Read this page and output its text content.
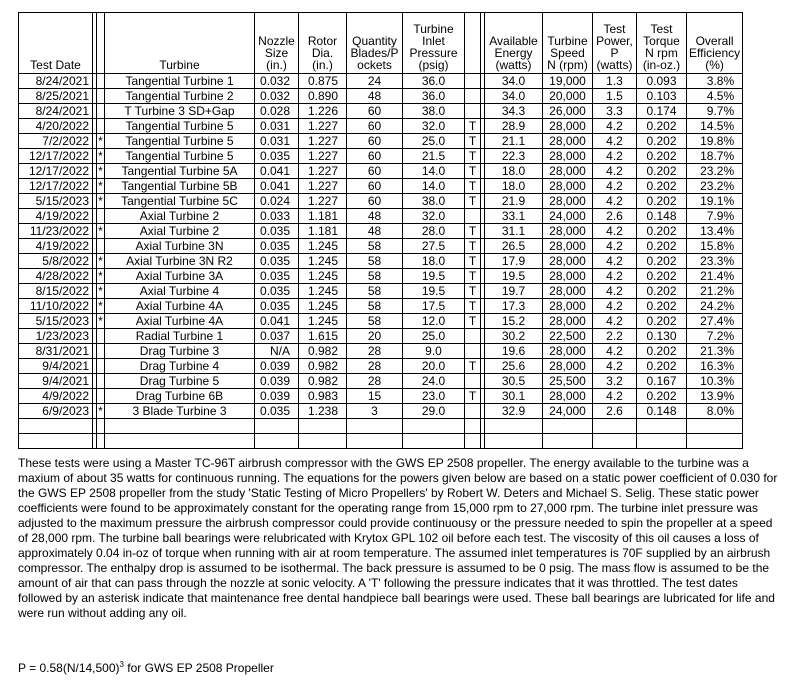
Test Date			Turbine	Nozzle Size (in.)	Rotor Dia. (in.)	Quantity Blades/P ockets	Turbine Inlet Pressure (psig)			Available Energy (watts)	Turbine Speed N (rpm)	Test Power, P (watts)	Test Torque N rpm (in-oz.)	Overall Efficiency (%)
8/24/2021			Tangential Turbine 1	0.032	0.875	24	36.0			34.0	19,000	1.3	0.093	3.8%
8/25/2021			Tangential Turbine 2	0.032	0.890	48	36.0			34.0	20,000	1.5	0.103	4.5%
8/24/2021			T Turbine 3 SD+Gap	0.028	1.226	60	38.0			34.3	26,000	3.3	0.174	9.7%
4/20/2022			Tangential Turbine 5	0.031	1.227	60	32.0	T		28.9	28,000	4.2	0.202	14.5%
7/2/2022		*	Tangential Turbine 5	0.031	1.227	60	25.0	T		21.1	28,000	4.2	0.202	19.8%
12/17/2022		*	Tangential Turbine 5	0.035	1.227	60	21.5	T		22.3	28,000	4.2	0.202	18.7%
12/17/2022		*	Tangential Turbine 5A	0.041	1.227	60	14.0	T		18.0	28,000	4.2	0.202	23.2%
12/17/2022		*	Tangential Turbine 5B	0.041	1.227	60	14.0	T		18.0	28,000	4.2	0.202	23.2%
5/15/2023		*	Tangential Turbine 5C	0.024	1.227	60	38.0	T		21.9	28,000	4.2	0.202	19.1%
4/19/2022			Axial Turbine 2	0.033	1.181	48	32.0			33.1	24,000	2.6	0.148	7.9%
11/23/2022		*	Axial Turbine 2	0.035	1.181	48	28.0	T		31.1	28,000	4.2	0.202	13.4%
4/19/2022			Axial Turbine 3N	0.035	1.245	58	27.5	T		26.5	28,000	4.2	0.202	15.8%
5/8/2022		*	Axial Turbine 3N R2	0.035	1.245	58	18.0	T		17.9	28,000	4.2	0.202	23.3%
4/28/2022		*	Axial Turbine 3A	0.035	1.245	58	19.5	T		19.5	28,000	4.2	0.202	21.4%
8/15/2022		*	Axial Turbine 4	0.035	1.245	58	19.5	T		19.7	28,000	4.2	0.202	21.2%
11/10/2022		*	Axial Turbine 4A	0.035	1.245	58	17.5	T		17.3	28,000	4.2	0.202	24.2%
5/15/2023		*	Axial Turbine 4A	0.041	1.245	58	12.0	T		15.2	28,000	4.2	0.202	27.4%
1/23/2023			Radial Turbine 1	0.037	1.615	20	25.0			30.2	22,500	2.2	0.130	7.2%
8/31/2021			Drag Turbine 3	N/A	0.982	28	9.0			19.6	28,000	4.2	0.202	21.3%
9/4/2021			Drag Turbine 4	0.039	0.982	28	20.0	T		25.6	28,000	4.2	0.202	16.3%
9/4/2021			Drag Turbine 5	0.039	0.982	28	24.0			30.5	25,500	3.2	0.167	10.3%
4/9/2022			Drag Turbine 6B	0.039	0.983	15	23.0	T		30.1	28,000	4.2	0.202	13.9%
6/9/2023		*	3 Blade Turbine 3	0.035	1.238	3	29.0			32.9	24,000	2.6	0.148	8.0%

These tests were using a Master TC-96T airbrush compressor with the GWS EP 2508 propeller. The energy available to the turbine was a maxium of about 35 watts for continuous running. The equations for the powers given below are based on a static power coefficient of 0.030 for the GWS EP 2508 propeller from the study 'Static Testing of Micro Propellers' by Robert W. Deters and Michael S. Selig. These static power coefficients were found to be approximately constant for the operating range from 15,000 rpm to 27,000 rpm. The turbine inlet pressure was adjusted to the maximum pressure the airbrush compressor could provide continuousy or the pressure needed to spin the propeller at a speed of 28,000 rpm. The turbine ball bearings were relubricated with Krytox GPL 102 oil before each test. The viscosity of this oil causes a loss of approximately 0.04 in-oz of torque when running with air at room temperature. The assumed inlet temperatures is 70F supplied by an airbrush compressor. The enthalpy drop is assumed to be isothermal. The back pressure is assumed to be 0 psig. The mass flow is assumed to be the amount of air that can pass through the nozzle at sonic velocity. A 'T' following the pressure indicates that it was throttled. The test dates followed by an asterisk indicate that maintenance free dental handpiece ball bearings were used. These ball bearings are lubricated for life and were run without adding any oil.

$P = 0.58(N/14,500)^3$ for GWS EP 2508 Propeller
